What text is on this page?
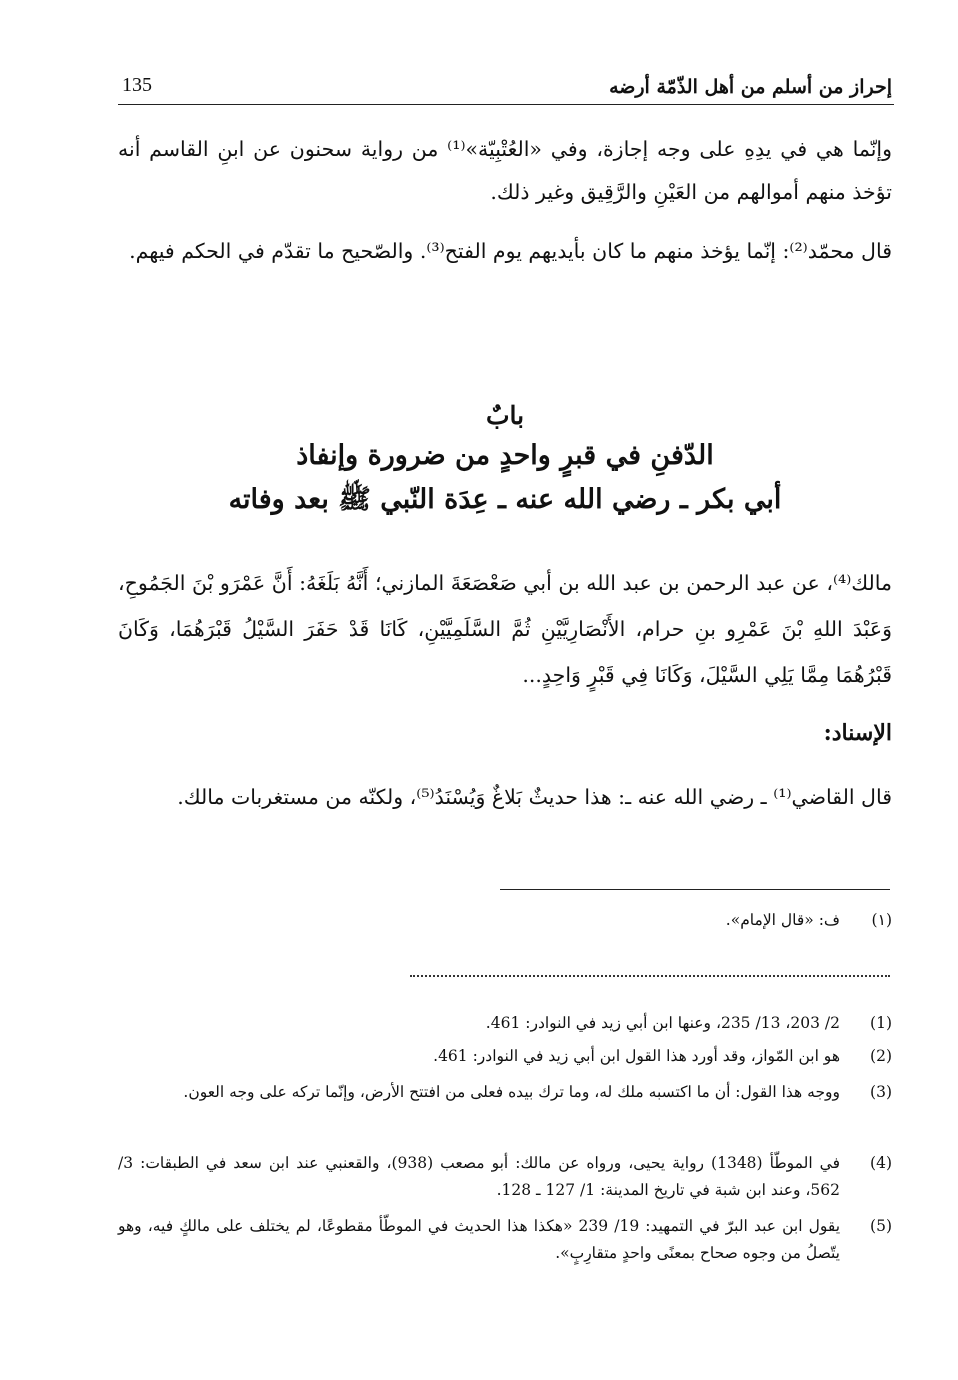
إحراز من أسلم من أهل الذّمّة أرضه
135
وإنّما هي في يدِهِ على وجه إجازة، وفي «العُتْبِيّة»⁽¹⁾ من رواية سحنون عن ابنِ القاسم أنه تؤخذ منهم أموالهم من العَيْنِ والرَّقِيق وغير ذلك.
قال محمّد⁽²⁾: إنّما يؤخذ منهم ما كان بأيديهم يوم الفتح⁽³⁾. والصّحيح ما تقدّم في الحكم فيهم.
بابٌ
الدّفنِ في قبرٍ واحدٍ من ضرورة وإنفاذ
أبي بكر ـ رضي الله عنه ـ عِدَة النّبي ﷺ بعد وفاته
مالك⁽⁴⁾، عن عبد الرحمن بن عبد الله بن أبي صَعْصَعَةَ المازني؛ أَنَّهُ بَلَغَهُ: أَنَّ عَمْرَو بْنَ الجَمُوحِ، وَعَبْدَ اللهِ بْنَ عَمْرِو بنِ حرام، الأَنْصَارِيَّيْنِ ثُمَّ السَّلَمِيَّيْنِ، كَانَا قَدْ حَفَرَ السَّيْلُ قَبْرَهُمَا، وَكَانَ قَبْرُهُمَا مِمَّا يَلِي السَّيْلَ، وَكَانَا فِي قَبْرٍ وَاحِدٍ...
الإسناد:
قال القاضي⁽¹⁾ ـ رضي الله عنه ـ: هذا حديثٌ بَلاغٌ وَيُسْنَدُ⁽⁵⁾، ولكنّه من مستغربات مالك.
(١)
ف: «قال الإمام».
(1)
2/ 203، 13/ 235، وعنها ابن أبي زيد في النوادر: 461.
(2)
هو ابن المّواز، وقد أورد هذا القول ابن أبي زيد في النوادر: 461.
(3)
ووجه هذا القول: أن ما اكتسبه ملك له، وما ترك بيده فعلى من افتتح الأرض، وإنّما تركه على وجه العون.
(4)
في الموطّأ (1348) رواية يحيى، ورواه عن مالك: أبو مصعب (938)، والقعنبي عند ابن سعد في الطبقات: 3/ 562، وعند ابن شبة في تاريخ المدينة: 1/ 127 ـ 128.
(5)
يقول ابن عبد البرّ في التمهيد: 19/ 239 «هكذا هذا الحديث في الموطّأ مقطوعًا، لم يختلف على مالكٍ فيه، وهو يتّصلُ من وجوه صحاح بمعنًى واحدٍ متقارِبٍ».
